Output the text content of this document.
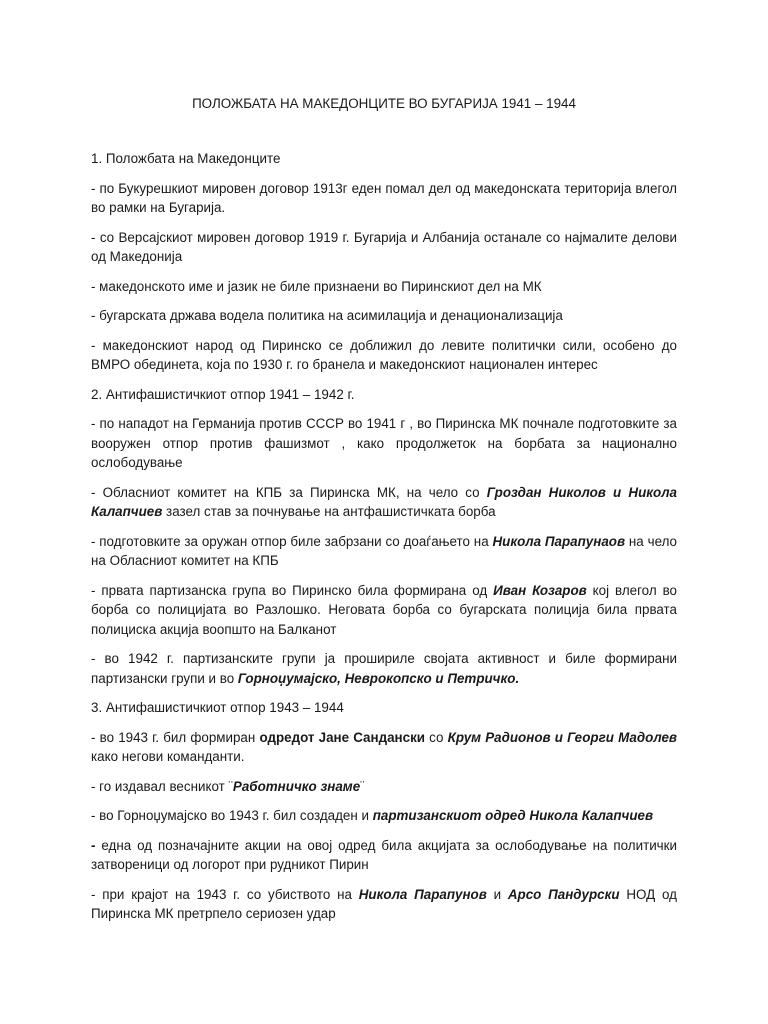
ПОЛОЖБАТА НА МАКЕДОНЦИТЕ ВО БУГАРИЈА 1941 – 1944

1. Положбата на Македонците

- по Букурешкиот мировен договор 1913г еден помал дел од македонската територија влегол во рамки на Бугарија.

- со Версајскиот мировен договор 1919 г. Бугарија и Албанија останале со најмалите делови од Македонија

- македонското име и јазик не биле признаени во Пиринскиот дел на МК

- бугарската држава водела политика на асимилација и денационализација

- македонскиот народ од Пиринско се доближил до левите политички сили, особено до ВМРО обединета, која по 1930 г. го бранела и македонскиот национален интерес

2. Антифашистичкиот отпор 1941 – 1942 г.

- по нападот на Германија против СССР во 1941 г , во Пиринска МК почнале подготовките за вооружен отпор против фашизмот , како продолжеток на борбата за национално ослободување

- Обласниот комитет на КПБ за Пиринска МК, на чело со Гроздан Николов и Никола Калапчиев зазел став за почнување на антфашистичката борба

- подготовките за оружан отпор биле забрзани со доаѓањето на Никола Парапунаов на чело на Обласниот комитет на КПБ

- првата партизанска група во Пиринско била формирана од Иван Козаров кој влегол во борба со полицијата во Разлошко. Неговата борба со бугарската полиција била првата полициска акција воопшто на Балканот

- во 1942 г. партизанските групи ја прошириле својата активност и биле формирани партизански групи и во Горноџумајско, Неврокопско и Петричко.

3. Антифашистичкиот отпор 1943 – 1944

- во 1943 г. бил формиран одредот Јане Сандански со Крум Радионов и Георги Мадолев како негови команданти.

- го издавал весникот ¨Работничко знаме¨

- во Горноџумајско во 1943 г. бил создаден и партизанскиот одред Никола Калапчиев

- една од позначајните акции на овој одред била акцијата за ослободување на политички затвореници од логорот при рудникот Пирин

- при крајот на 1943 г. со убиството на Никола Парапунов и Арсо Пандурски НОД од Пиринска МК претрпело сериозен удар
